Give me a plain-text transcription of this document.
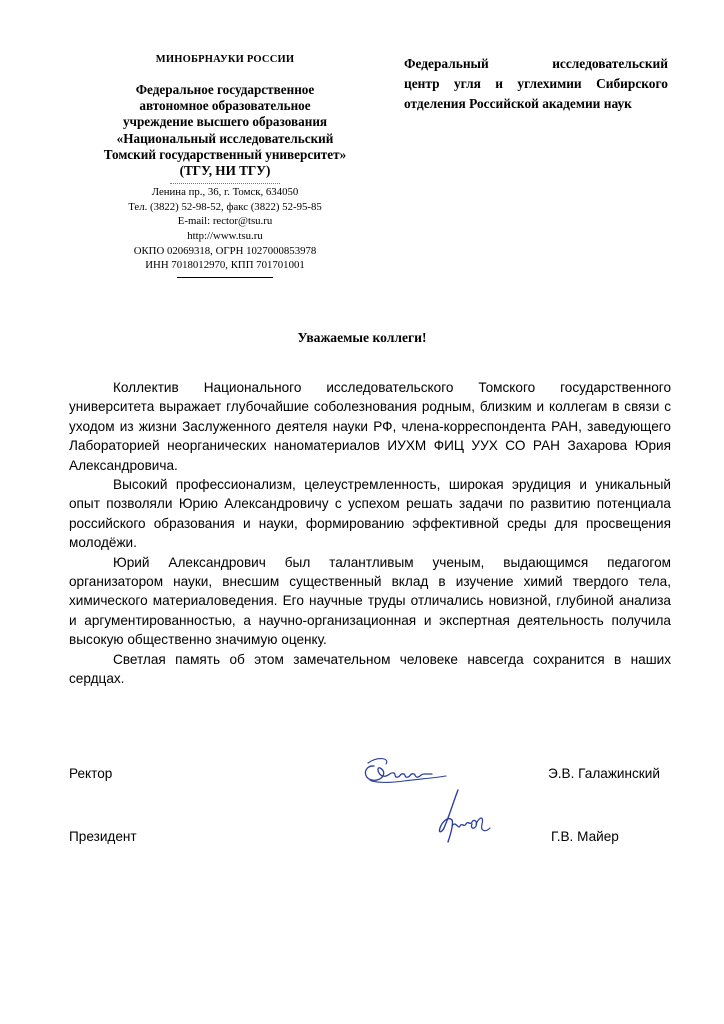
МИНОБРНАУКИ РОССИИ
Федеральное государственное
автономное образовательное
учреждение высшего образования
«Национальный исследовательский
Томский государственный университет»
(ТГУ, НИ ТГУ)
Ленина пр., 36, г. Томск, 634050
Тел. (3822) 52-98-52, факс (3822) 52-95-85
E-mail: rector@tsu.ru
http://www.tsu.ru
ОКПО 02069318, ОГРН 1027000853978
ИНН 7018012970, КПП 701701001
Федеральный	исследовательский
центр угля и углехимии Сибирского
отделения Российской академии наук
Уважаемые коллеги!

Коллектив Национального исследовательского Томского государственного университета выражает глубочайшие соболезнования родным, близким и коллегам в связи с уходом из жизни Заслуженного деятеля науки РФ, члена-корреспондента РАН, заведующего Лабораторией неорганических наноматериалов ИУХМ ФИЦ УУХ СО РАН Захарова Юрия Александровича.

Высокий профессионализм, целеустремленность, широкая эрудиция и уникальный опыт позволяли Юрию Александровичу с успехом решать задачи по развитию потенциала российского образования и науки, формированию эффективной среды для просвещения молодёжи.

Юрий Александрович был талантливым ученым, выдающимся педагогом организатором науки, внесшим существенный вклад в изучение химий твердого тела, химического материаловедения. Его научные труды отличались новизной, глубиной анализа и аргументированностью, а научно-организационная и экспертная деятельность получила высокую общественно значимую оценку.

Светлая память об этом замечательном человеке навсегда сохранится в наших сердцах.

Ректор	Э.В. Галажинский
Президент	Г.В. Майер
